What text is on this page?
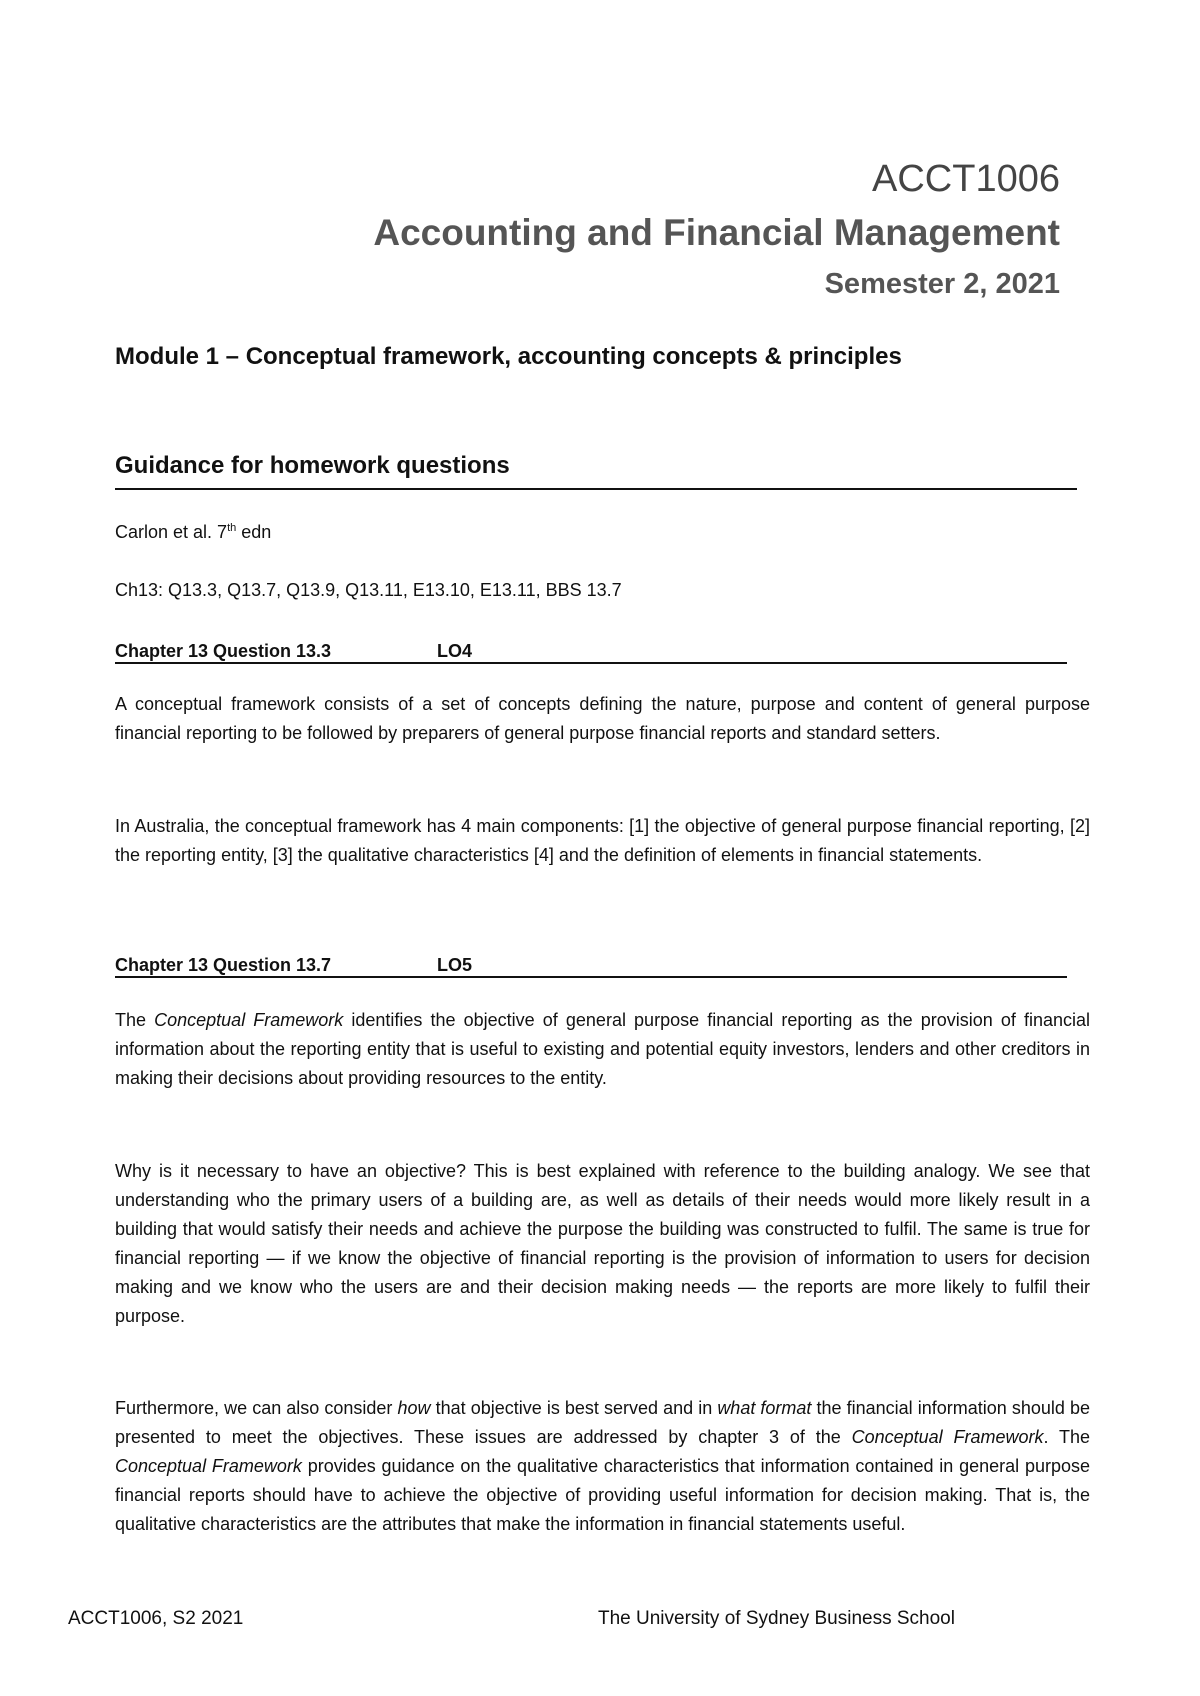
ACCT1006
Accounting and Financial Management
Semester 2, 2021
Module 1 – Conceptual framework, accounting concepts & principles
Guidance for homework questions
Carlon et al. 7th edn
Ch13: Q13.3, Q13.7, Q13.9, Q13.11, E13.10, E13.11, BBS 13.7
Chapter 13 Question 13.3	LO4

A conceptual framework consists of a set of concepts defining the nature, purpose and content of general purpose financial reporting to be followed by preparers of general purpose financial reports and standard setters.

In Australia, the conceptual framework has 4 main components: [1] the objective of general purpose financial reporting, [2] the reporting entity, [3] the qualitative characteristics [4] and the definition of elements in financial statements.

Chapter 13 Question 13.7	LO5

The Conceptual Framework identifies the objective of general purpose financial reporting as the provision of financial information about the reporting entity that is useful to existing and potential equity investors, lenders and other creditors in making their decisions about providing resources to the entity.

Why is it necessary to have an objective? This is best explained with reference to the building analogy. We see that understanding who the primary users of a building are, as well as details of their needs would more likely result in a building that would satisfy their needs and achieve the purpose the building was constructed to fulfil. The same is true for financial reporting — if we know the objective of financial reporting is the provision of information to users for decision making and we know who the users are and their decision making needs — the reports are more likely to fulfil their purpose.

Furthermore, we can also consider how that objective is best served and in what format the financial information should be presented to meet the objectives. These issues are addressed by chapter 3 of the Conceptual Framework. The Conceptual Framework provides guidance on the qualitative characteristics that information contained in general purpose financial reports should have to achieve the objective of providing useful information for decision making. That is, the qualitative characteristics are the attributes that make the information in financial statements useful.

ACCT1006, S2 2021	The University of Sydney Business School
